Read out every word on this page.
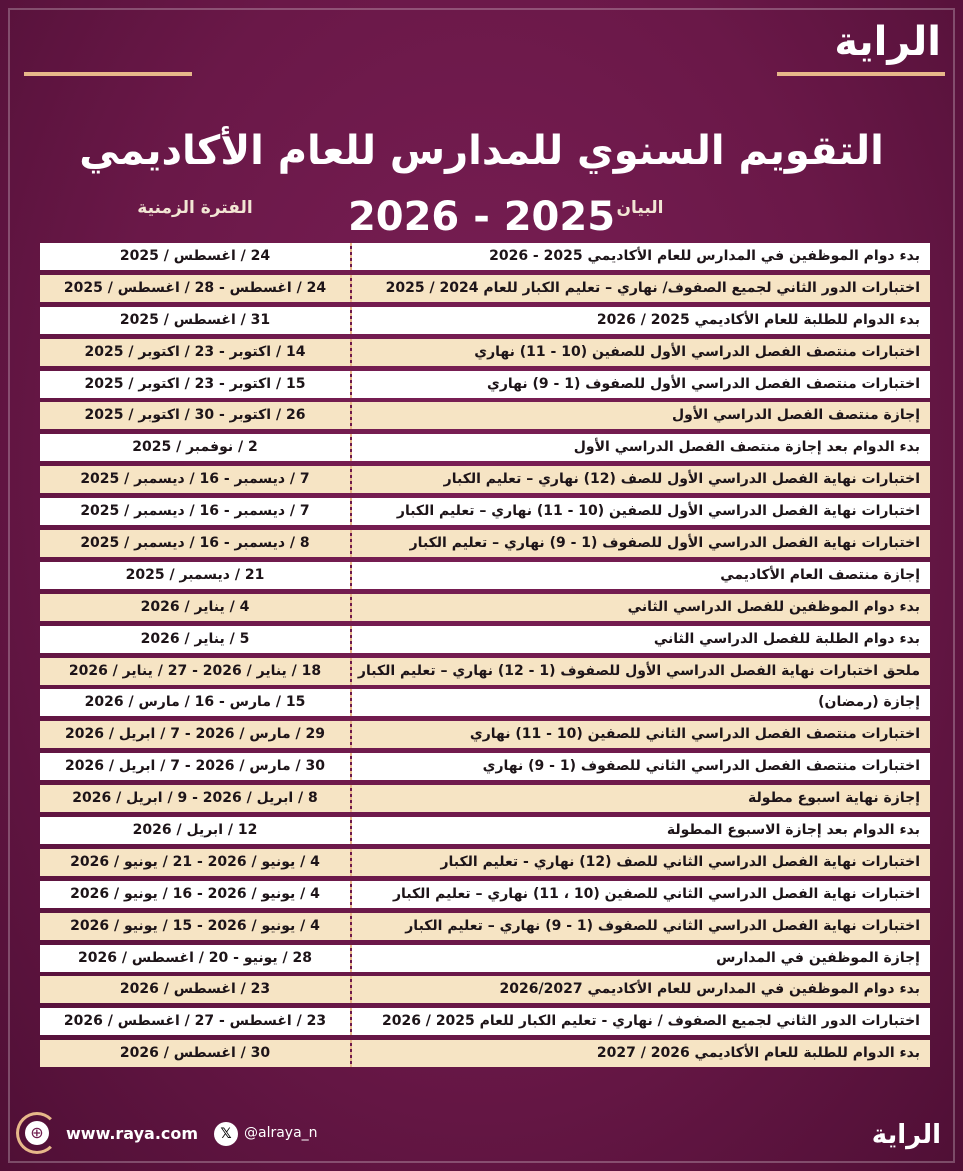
الراية
التقويم السنوي للمدارس للعام الأكاديمي 2025 - 2026 البيان
الفترة الزمنية
24 / اغسطس / 2025	بدء دوام الموظفين في المدارس للعام الأكاديمي 2025 - 2026
24 / اغسطس - 28 / اغسطس / 2025	اختبارات الدور الثاني لجميع الصفوف/ نهاري – تعليم الكبار للعام 2024 / 2025
31 / اغسطس / 2025	بدء الدوام للطلبة للعام الأكاديمي 2025 / 2026
14 / اكتوبر - 23 / اكتوبر / 2025	اختبارات منتصف الفصل الدراسي الأول للصفين (10 - 11) نهاري
15 / اكتوبر - 23 / اكتوبر / 2025	اختبارات منتصف الفصل الدراسي الأول للصفوف (1 - 9) نهاري
26 / اكتوبر - 30 / اكتوبر / 2025	إجازة منتصف الفصل الدراسي الأول
2 / نوفمبر / 2025	بدء الدوام بعد إجازة منتصف الفصل الدراسي الأول
7 / ديسمبر - 16 / ديسمبر / 2025	اختبارات نهاية الفصل الدراسي الأول للصف (12) نهاري – تعليم الكبار
7 / ديسمبر - 16 / ديسمبر / 2025	اختبارات نهاية الفصل الدراسي الأول للصفين (10 - 11) نهاري – تعليم الكبار
8 / ديسمبر - 16 / ديسمبر / 2025	اختبارات نهاية الفصل الدراسي الأول للصفوف (1 - 9) نهاري – تعليم الكبار
21 / ديسمبر / 2025	إجازة منتصف العام الأكاديمي
4 / يناير / 2026	بدء دوام الموظفين للفصل الدراسي الثاني
5 / يناير / 2026	بدء دوام الطلبة للفصل الدراسي الثاني
18 / يناير / 2026 - 27 / يناير / 2026	ملحق اختبارات نهاية الفصل الدراسي الأول للصفوف (1 - 12) نهاري – تعليم الكبار
15 / مارس - 16 / مارس / 2026	إجازة (رمضان)
29 / مارس / 2026 - 7 / ابريل / 2026	اختبارات منتصف الفصل الدراسي الثاني للصفين (10 - 11) نهاري
30 / مارس / 2026 - 7 / ابريل / 2026	اختبارات منتصف الفصل الدراسي الثاني للصفوف (1 - 9) نهاري
8 / ابريل / 2026 - 9 / ابريل / 2026	إجازة نهاية اسبوع مطولة
12 / ابريل / 2026	بدء الدوام بعد إجازة الاسبوع المطولة
4 / يونيو / 2026 - 21 / يونيو / 2026	اختبارات نهاية الفصل الدراسي الثاني للصف (12) نهاري - تعليم الكبار
4 / يونيو / 2026 - 16 / يونيو / 2026	اختبارات نهاية الفصل الدراسي الثاني للصفين (10 ، 11) نهاري – تعليم الكبار
4 / يونيو / 2026 - 15 / يونيو / 2026	اختبارات نهاية الفصل الدراسي الثاني للصفوف (1 - 9) نهاري – تعليم الكبار
28 / يونيو - 20 / اغسطس / 2026	إجازة الموظفين في المدارس
23 / اغسطس / 2026	بدء دوام الموظفين في المدارس للعام الأكاديمي 2026/2027
23 / اغسطس - 27 / اغسطس / 2026	اختبارات الدور الثاني لجميع الصفوف / نهاري - تعليم الكبار للعام 2025 / 2026
30 / اغسطس / 2026	بدء الدوام للطلبة للعام الأكاديمي 2026 / 2027
⊕	www.raya.com	𝕏 @alraya_n	الراية
